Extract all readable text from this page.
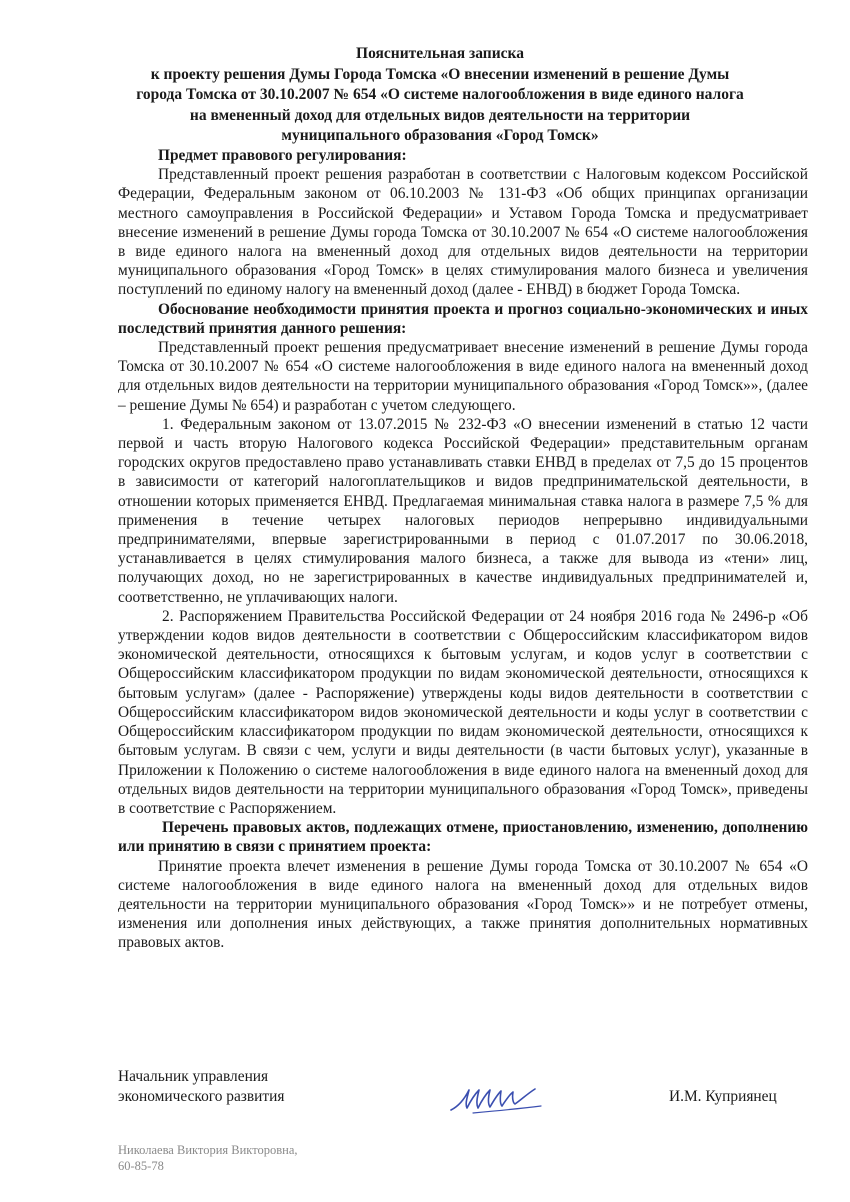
Пояснительная записка
к проекту решения Думы Города Томска «О внесении изменений в решение Думы
города Томска от 30.10.2007 № 654 «О системе налогообложения в виде единого налога
на вмененный доход для отдельных видов деятельности на территории
муниципального образования «Город Томск»

Предмет правового регулирования:

Представленный проект решения разработан в соответствии с Налоговым кодексом Российской Федерации, Федеральным законом от 06.10.2003 № 131-ФЗ «Об общих принципах организации местного самоуправления в Российской Федерации» и Уставом Города Томска и предусматривает внесение изменений в решение Думы города Томска от 30.10.2007 № 654 «О системе налогообложения в виде единого налога на вмененный доход для отдельных видов деятельности на территории муниципального образования «Город Томск» в целях стимулирования малого бизнеса и увеличения поступлений по единому налогу на вмененный доход (далее - ЕНВД) в бюджет Города Томска.

Обоснование необходимости принятия проекта и прогноз социально-экономических и иных последствий принятия данного решения:

Представленный проект решения предусматривает внесение изменений в решение Думы города Томска от 30.10.2007 № 654 «О системе налогообложения в виде единого налога на вмененный доход для отдельных видов деятельности на территории муниципального образования «Город Томск»», (далее – решение Думы № 654) и разработан с учетом следующего.

1. Федеральным законом от 13.07.2015 № 232-ФЗ «О внесении изменений в статью 12 части первой и часть вторую Налогового кодекса Российской Федерации» представительным органам городских округов предоставлено право устанавливать ставки ЕНВД в пределах от 7,5 до 15 процентов в зависимости от категорий налогоплательщиков и видов предпринимательской деятельности, в отношении которых применяется ЕНВД. Предлагаемая минимальная ставка налога в размере 7,5 % для применения в течение четырех налоговых периодов непрерывно индивидуальными предпринимателями, впервые зарегистрированными в период с 01.07.2017 по 30.06.2018, устанавливается в целях стимулирования малого бизнеса, а также для вывода из «тени» лиц, получающих доход, но не зарегистрированных в качестве индивидуальных предпринимателей и, соответственно, не уплачивающих налоги.

2. Распоряжением Правительства Российской Федерации от 24 ноября 2016 года № 2496-р «Об утверждении кодов видов деятельности в соответствии с Общероссийским классификатором видов экономической деятельности, относящихся к бытовым услугам, и кодов услуг в соответствии с Общероссийским классификатором продукции по видам экономической деятельности, относящихся к бытовым услугам» (далее - Распоряжение) утверждены коды видов деятельности в соответствии с Общероссийским классификатором видов экономической деятельности и коды услуг в соответствии с Общероссийским классификатором продукции по видам экономической деятельности, относящихся к бытовым услугам. В связи с чем, услуги и виды деятельности (в части бытовых услуг), указанные в Приложении к Положению о системе налогообложения в виде единого налога на вмененный доход для отдельных видов деятельности на территории муниципального образования «Город Томск», приведены в соответствие с Распоряжением.

Перечень правовых актов, подлежащих отмене, приостановлению, изменению, дополнению или принятию в связи с принятием проекта:

Принятие проекта влечет изменения в решение Думы города Томска от 30.10.2007 № 654 «О системе налогообложения в виде единого налога на вмененный доход для отдельных видов деятельности на территории муниципального образования «Город Томск»» и не потребует отмены, изменения или дополнения иных действующих, а также принятия дополнительных нормативных правовых актов.

Начальник управления
экономического развития	И.М. Куприянец
Николаева Виктория Викторовна,
60-85-78
